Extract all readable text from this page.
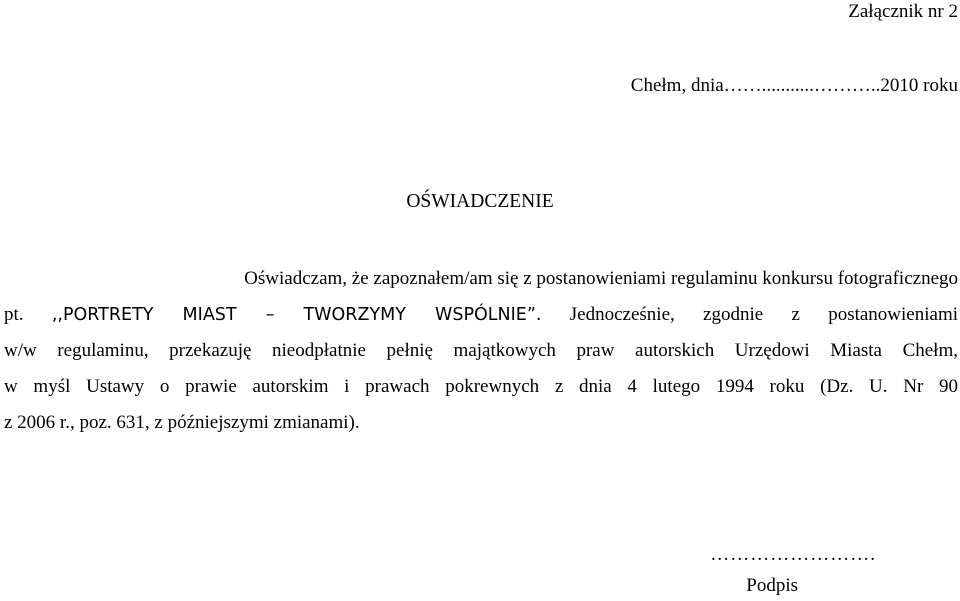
Załącznik nr 2
Chełm, dnia……...........………..2010 roku
OŚWIADCZENIE
Oświadczam, że zapoznałem/am się z postanowieniami regulaminu konkursu fotograficznego
pt. ,,PORTRETY MIAST – TWORZYMY WSPÓLNIE”. Jednocześnie, zgodnie z postanowieniami
w/w regulaminu, przekazuję nieodpłatnie pełnię majątkowych praw autorskich Urzędowi Miasta Chełm,
w myśl Ustawy o prawie autorskim i prawach pokrewnych z dnia 4 lutego 1994 roku (Dz. U. Nr 90
z 2006 r., poz. 631, z późniejszymi zmianami).
…………………….
Podpis
